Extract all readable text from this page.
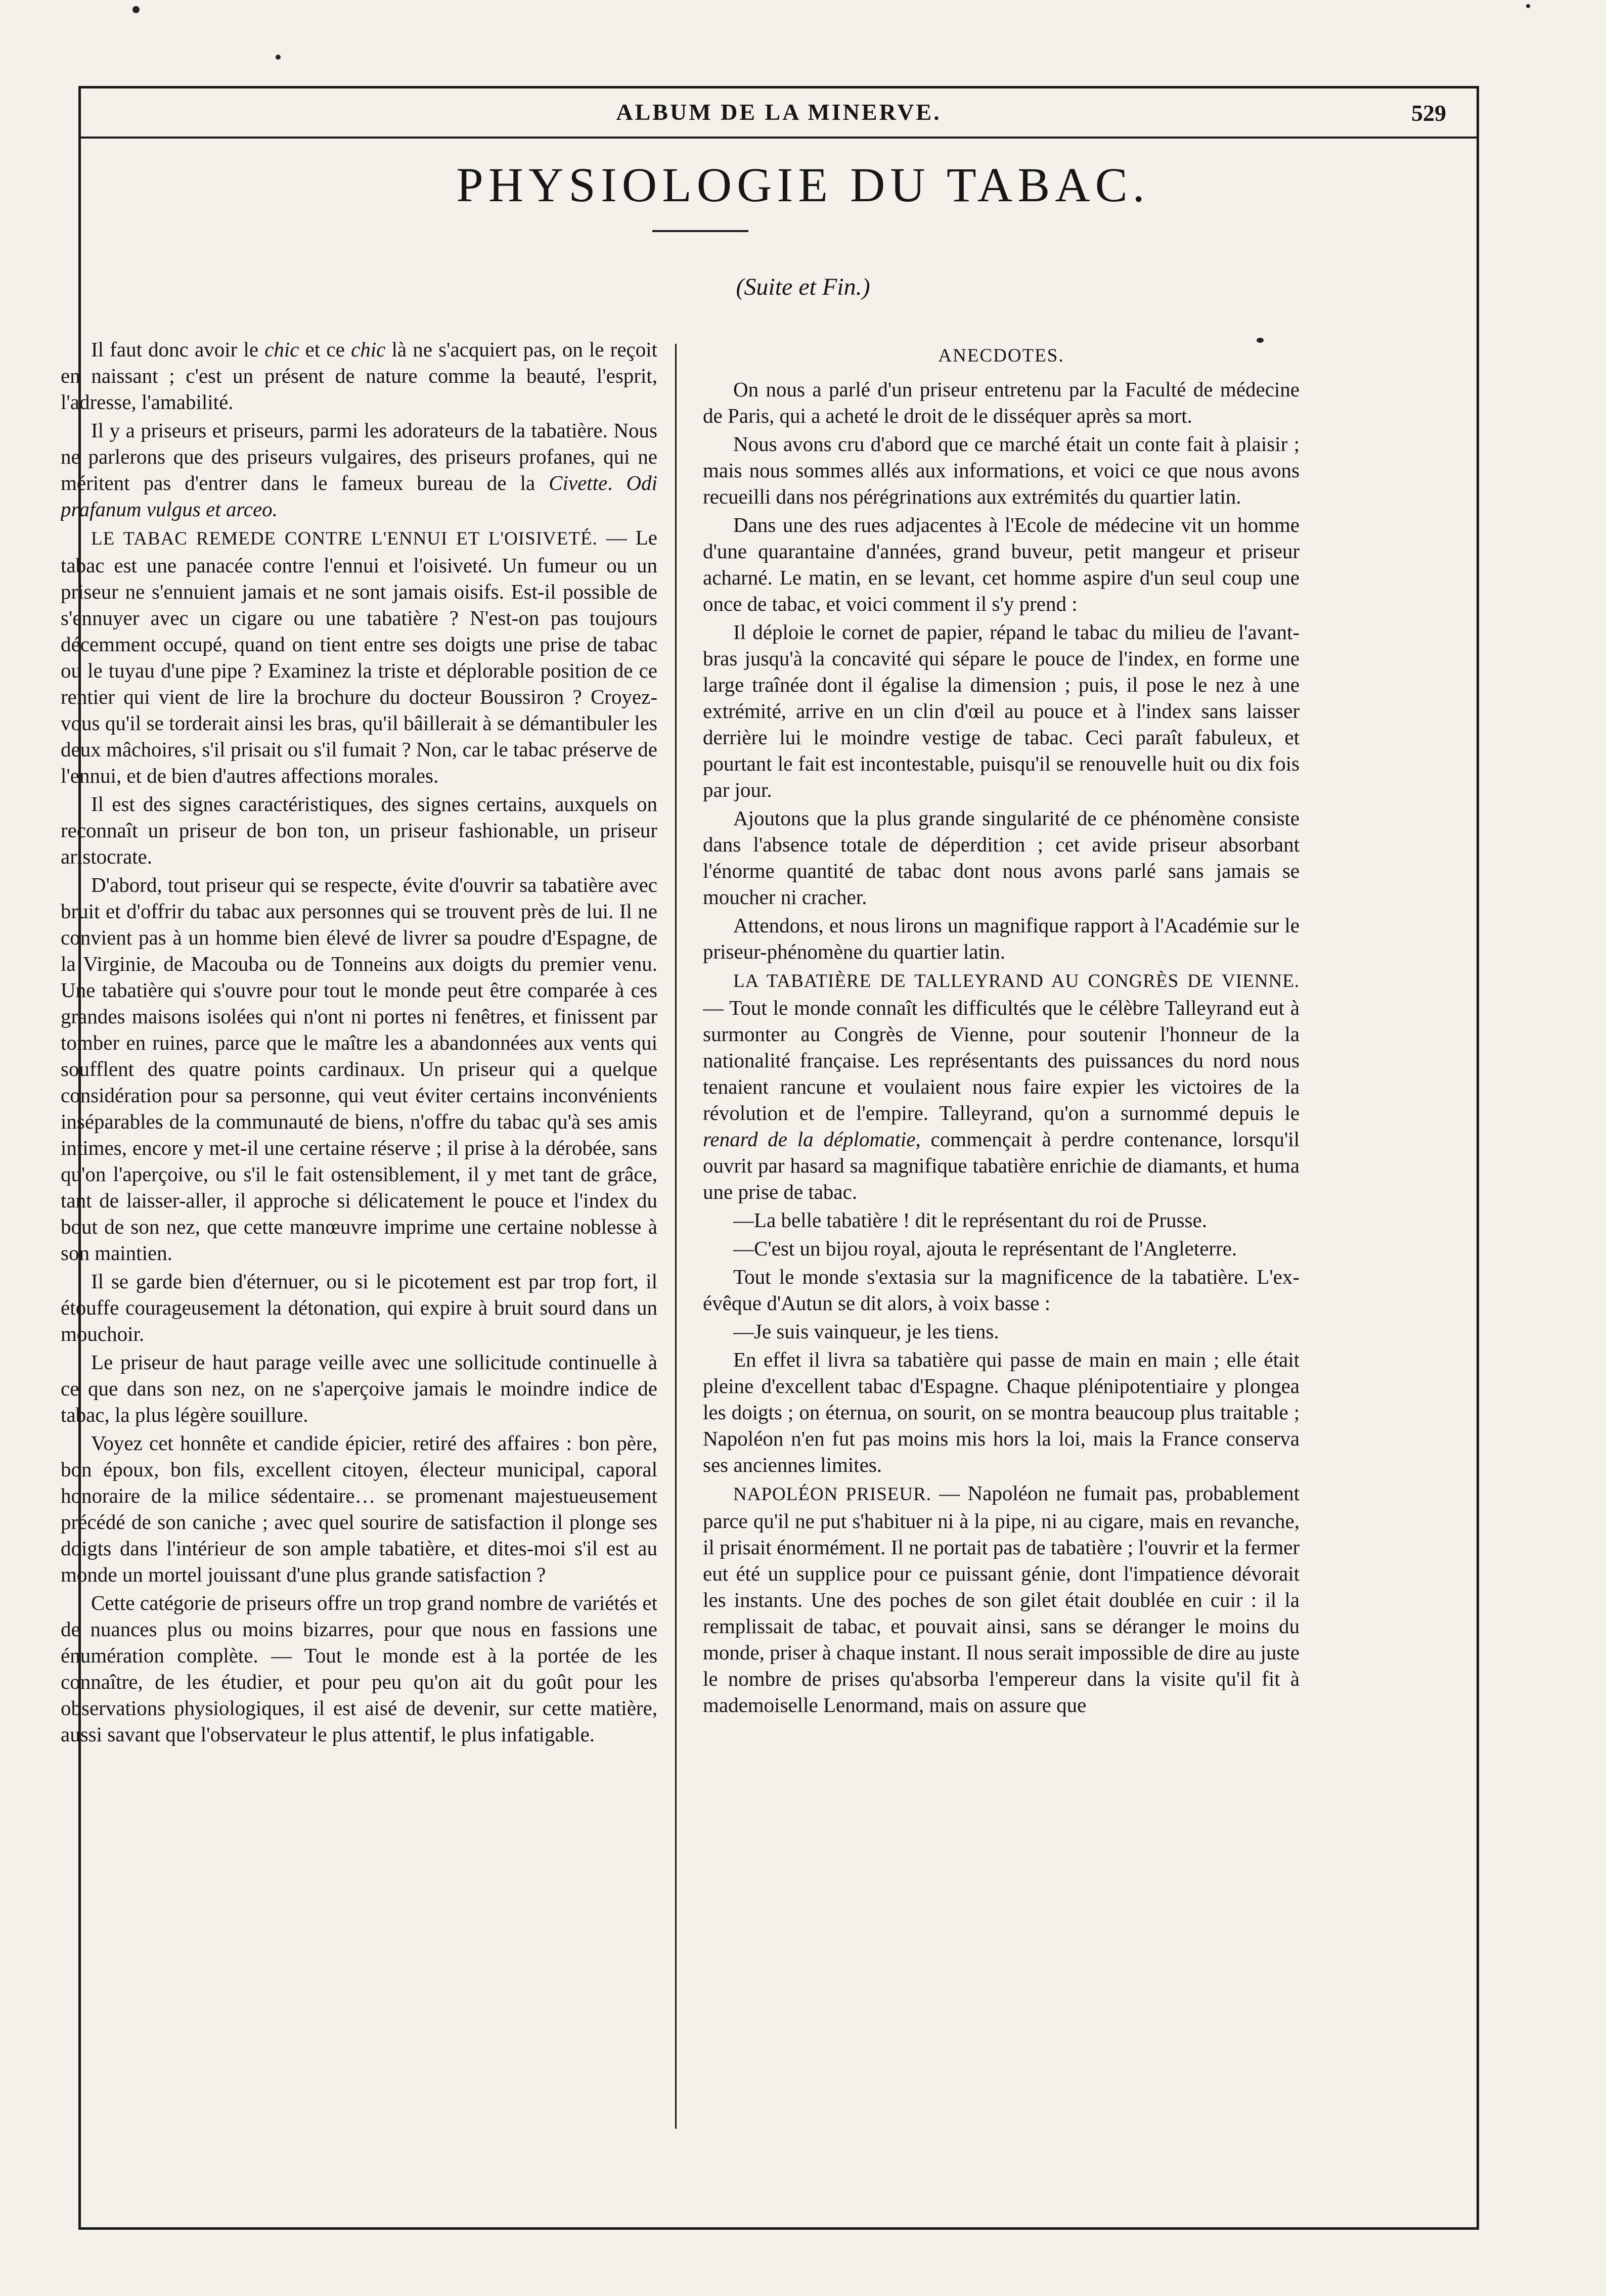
ALBUM DE LA MINERVE.	529
PHYSIOLOGIE DU TABAC.
(Suite et Fin.)

Il faut donc avoir le chic et ce chic là ne s'acquiert pas, on le reçoit en naissant ; c'est un présent de nature comme la beauté, l'esprit, l'adresse, l'amabilité.

Il y a priseurs et priseurs, parmi les adorateurs de la tabatière. Nous ne parlerons que des priseurs vulgaires, des priseurs profanes, qui ne méritent pas d'entrer dans le fameux bureau de la Civette. Odi prafanum vulgus et arceo.

LE TABAC REMEDE CONTRE L'ENNUI ET L'OISIVETÉ. — Le tabac est une panacée contre l'ennui et l'oisiveté. Un fumeur ou un priseur ne s'ennuient jamais et ne sont jamais oisifs. Est-il possible de s'ennuyer avec un cigare ou une tabatière ? N'est-on pas toujours décemment occupé, quand on tient entre ses doigts une prise de tabac ou le tuyau d'une pipe ? Examinez la triste et déplorable position de ce rentier qui vient de lire la brochure du docteur Boussiron ? Croyez-vous qu'il se torderait ainsi les bras, qu'il bâillerait à se démantibuler les deux mâchoires, s'il prisait ou s'il fumait ? Non, car le tabac préserve de l'ennui, et de bien d'autres affections morales.

Il est des signes caractéristiques, des signes certains, auxquels on reconnaît un priseur de bon ton, un priseur fashionable, un priseur aristocrate.

D'abord, tout priseur qui se respecte, évite d'ouvrir sa tabatière avec bruit et d'offrir du tabac aux personnes qui se trouvent près de lui. Il ne convient pas à un homme bien élevé de livrer sa poudre d'Espagne, de la Virginie, de Macouba ou de Tonneins aux doigts du premier venu. Une tabatière qui s'ouvre pour tout le monde peut être comparée à ces grandes maisons isolées qui n'ont ni portes ni fenêtres, et finissent par tomber en ruines, parce que le maître les a abandonnées aux vents qui soufflent des quatre points cardinaux. Un priseur qui a quelque considération pour sa personne, qui veut éviter certains inconvénients inséparables de la communauté de biens, n'offre du tabac qu'à ses amis intimes, encore y met-il une certaine réserve ; il prise à la dérobée, sans qu'on l'aperçoive, ou s'il le fait ostensiblement, il y met tant de grâce, tant de laisser-aller, il approche si délicatement le pouce et l'index du bout de son nez, que cette manœuvre imprime une certaine noblesse à son maintien.

Il se garde bien d'éternuer, ou si le picotement est par trop fort, il étouffe courageusement la détonation, qui expire à bruit sourd dans un mouchoir.

Le priseur de haut parage veille avec une sollicitude continuelle à ce que dans son nez, on ne s'aperçoive jamais le moindre indice de tabac, la plus légère souillure.

Voyez cet honnête et candide épicier, retiré des affaires : bon père, bon époux, bon fils, excellent citoyen, électeur municipal, caporal honoraire de la milice sédentaire… se promenant majestueusement précédé de son caniche ; avec quel sourire de satisfaction il plonge ses doigts dans l'intérieur de son ample tabatière, et dites-moi s'il est au monde un mortel jouissant d'une plus grande satisfaction ?

Cette catégorie de priseurs offre un trop grand nombre de variétés et de nuances plus ou moins bizarres, pour que nous en fassions une énumération complète. — Tout le monde est à la portée de les connaître, de les étudier, et pour peu qu'on ait du goût pour les observations physiologiques, il est aisé de devenir, sur cette matière, aussi savant que l'observateur le plus attentif, le plus infatigable.

ANECDOTES.

On nous a parlé d'un priseur entretenu par la Faculté de médecine de Paris, qui a acheté le droit de le disséquer après sa mort.

Nous avons cru d'abord que ce marché était un conte fait à plaisir ; mais nous sommes allés aux informations, et voici ce que nous avons recueilli dans nos pérégrinations aux extrémités du quartier latin.

Dans une des rues adjacentes à l'Ecole de médecine vit un homme d'une quarantaine d'années, grand buveur, petit mangeur et priseur acharné. Le matin, en se levant, cet homme aspire d'un seul coup une once de tabac, et voici comment il s'y prend :

Il déploie le cornet de papier, répand le tabac du milieu de l'avant-bras jusqu'à la concavité qui sépare le pouce de l'index, en forme une large traînée dont il égalise la dimension ; puis, il pose le nez à une extrémité, arrive en un clin d'œil au pouce et à l'index sans laisser derrière lui le moindre vestige de tabac. Ceci paraît fabuleux, et pourtant le fait est incontestable, puisqu'il se renouvelle huit ou dix fois par jour.

Ajoutons que la plus grande singularité de ce phénomène consiste dans l'absence totale de déperdition ; cet avide priseur absorbant l'énorme quantité de tabac dont nous avons parlé sans jamais se moucher ni cracher.

Attendons, et nous lirons un magnifique rapport à l'Académie sur le priseur-phénomène du quartier latin.

LA TABATIÈRE DE TALLEYRAND AU CONGRÈS DE VIENNE. — Tout le monde connaît les difficultés que le célèbre Talleyrand eut à surmonter au Congrès de Vienne, pour soutenir l'honneur de la nationalité française. Les représentants des puissances du nord nous tenaient rancune et voulaient nous faire expier les victoires de la révolution et de l'empire. Talleyrand, qu'on a surnommé depuis le renard de la déplomatie, commençait à perdre contenance, lorsqu'il ouvrit par hasard sa magnifique tabatière enrichie de diamants, et huma une prise de tabac.

—La belle tabatière ! dit le représentant du roi de Prusse.

—C'est un bijou royal, ajouta le représentant de l'Angleterre.

Tout le monde s'extasia sur la magnificence de la tabatière. L'ex-évêque d'Autun se dit alors, à voix basse :

—Je suis vainqueur, je les tiens.

En effet il livra sa tabatière qui passe de main en main ; elle était pleine d'excellent tabac d'Espagne. Chaque plénipotentiaire y plongea les doigts ; on éternua, on sourit, on se montra beaucoup plus traitable ; Napoléon n'en fut pas moins mis hors la loi, mais la France conserva ses anciennes limites.

NAPOLÉON PRISEUR. — Napoléon ne fumait pas, probablement parce qu'il ne put s'habituer ni à la pipe, ni au cigare, mais en revanche, il prisait énormément. Il ne portait pas de tabatière ; l'ouvrir et la fermer eut été un supplice pour ce puissant génie, dont l'impatience dévorait les instants. Une des poches de son gilet était doublée en cuir : il la remplissait de tabac, et pouvait ainsi, sans se déranger le moins du monde, priser à chaque instant. Il nous serait impossible de dire au juste le nombre de prises qu'absorba l'empereur dans la visite qu'il fit à mademoiselle Lenormand, mais on assure que
